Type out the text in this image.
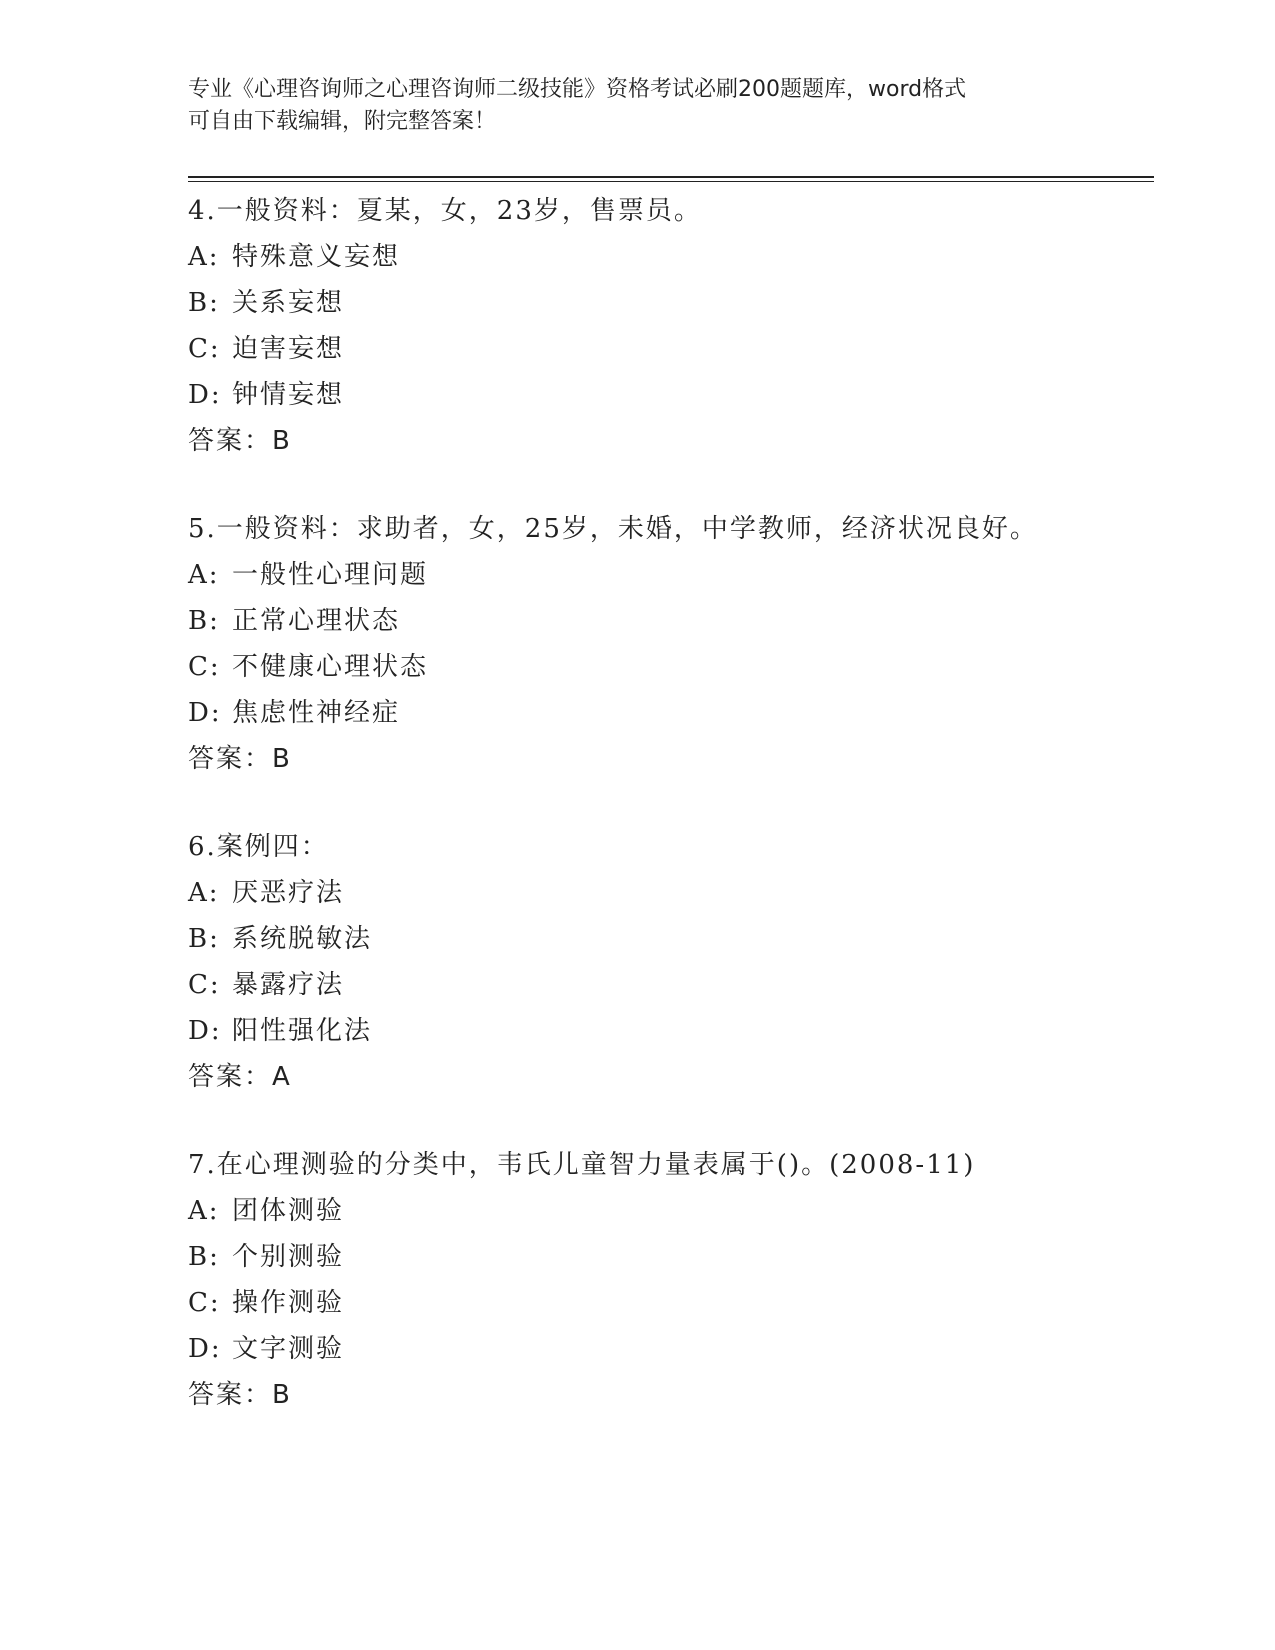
专业《心理咨询师之心理咨询师二级技能》资格考试必刷200题题库，word格式
可自由下载编辑，附完整答案！
4.一般资料：夏某，女，23岁，售票员。
A: 特殊意义妄想
B: 关系妄想
C: 迫害妄想
D: 钟情妄想
答案：B
5.一般资料：求助者，女，25岁，未婚，中学教师，经济状况良好。
A: 一般性心理问题
B: 正常心理状态
C: 不健康心理状态
D: 焦虑性神经症
答案：B
6.案例四：
A: 厌恶疗法
B: 系统脱敏法
C: 暴露疗法
D: 阳性强化法
答案：A
7.在心理测验的分类中，韦氏儿童智力量表属于()。(2008-11)
A: 团体测验
B: 个别测验
C: 操作测验
D: 文字测验
答案：B
